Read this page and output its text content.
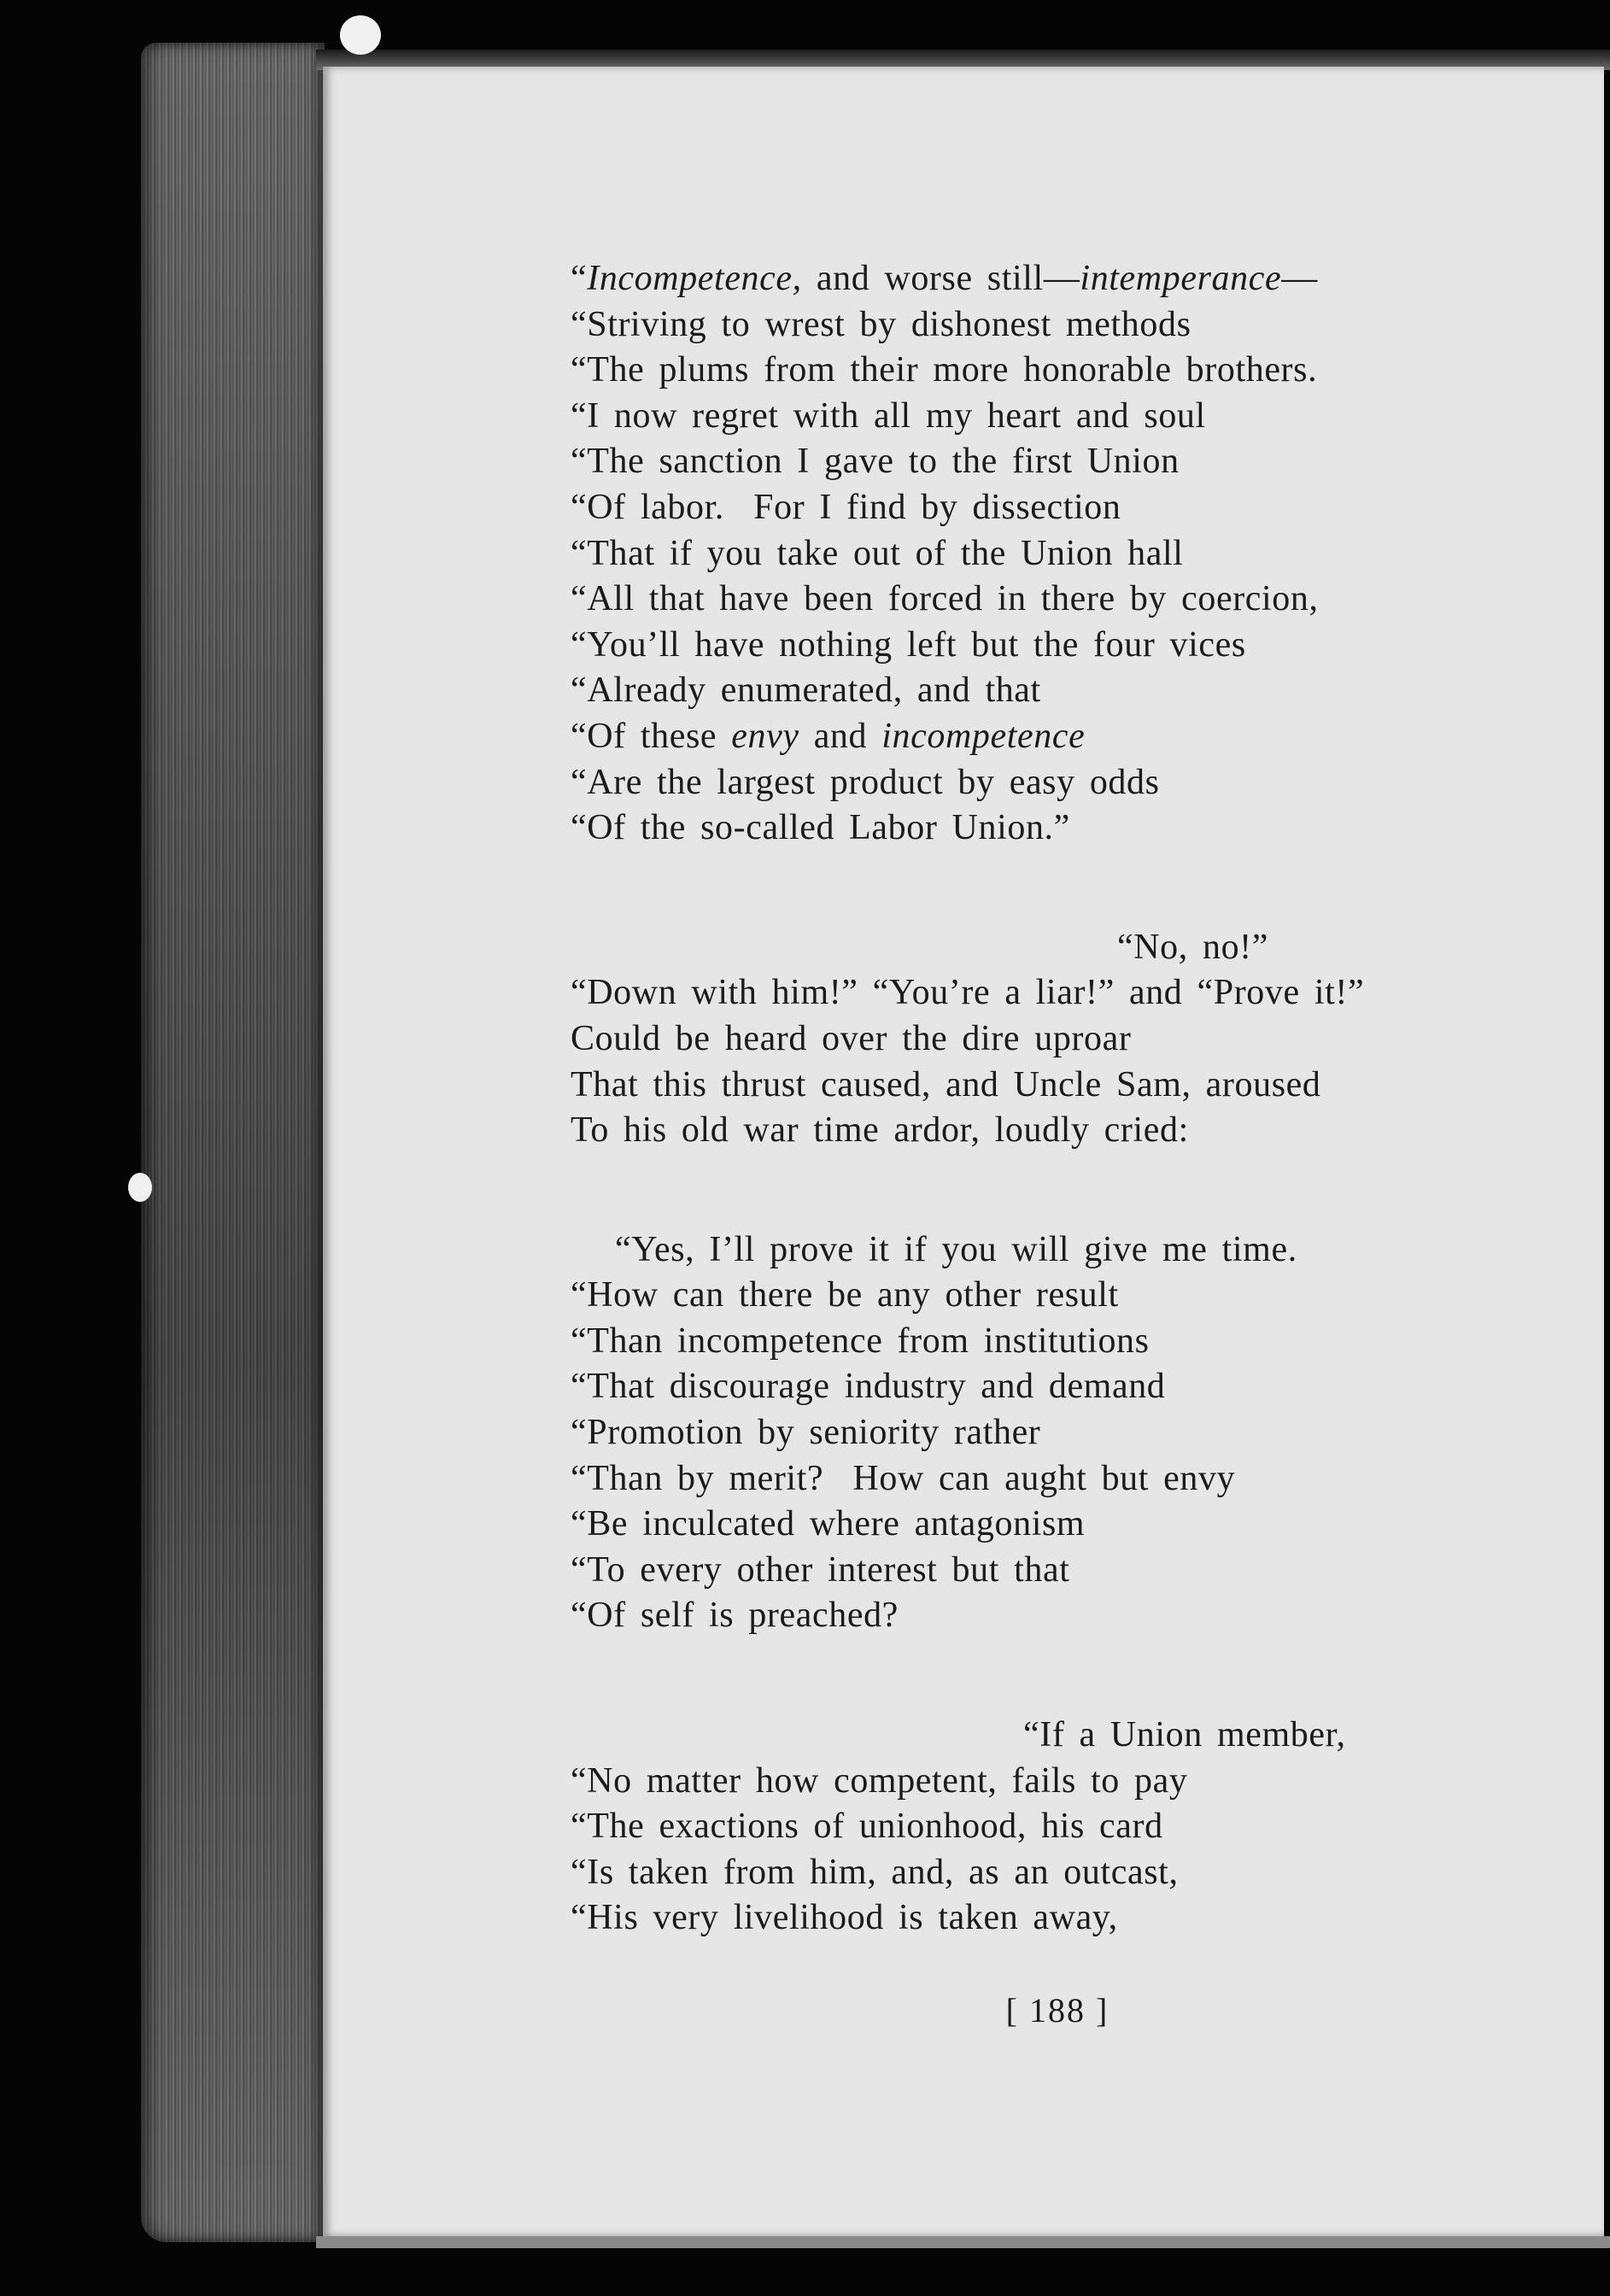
“Incompetence, and worse still—intemperance—
“Striving to wrest by dishonest methods
“The plums from their more honorable brothers.
“I now regret with all my heart and soul
“The sanction I gave to the first Union
“Of labor.  For I find by dissection
“That if you take out of the Union hall
“All that have been forced in there by coercion,
“You’ll have nothing left but the four vices
“Already enumerated, and that
“Of these envy and incompetence
“Are the largest product by easy odds
“Of the so-called Labor Union.”
“No, no!”
“Down with him!” “You’re a liar!” and “Prove it!”
Could be heard over the dire uproar
That this thrust caused, and Uncle Sam, aroused
To his old war time ardor, loudly cried:
“Yes, I’ll prove it if you will give me time.
“How can there be any other result
“Than incompetence from institutions
“That discourage industry and demand
“Promotion by seniority rather
“Than by merit?  How can aught but envy
“Be inculcated where antagonism
“To every other interest but that
“Of self is preached?
“If a Union member,
“No matter how competent, fails to pay
“The exactions of unionhood, his card
“Is taken from him, and, as an outcast,
“His very livelihood is taken away,
[ 188 ]
